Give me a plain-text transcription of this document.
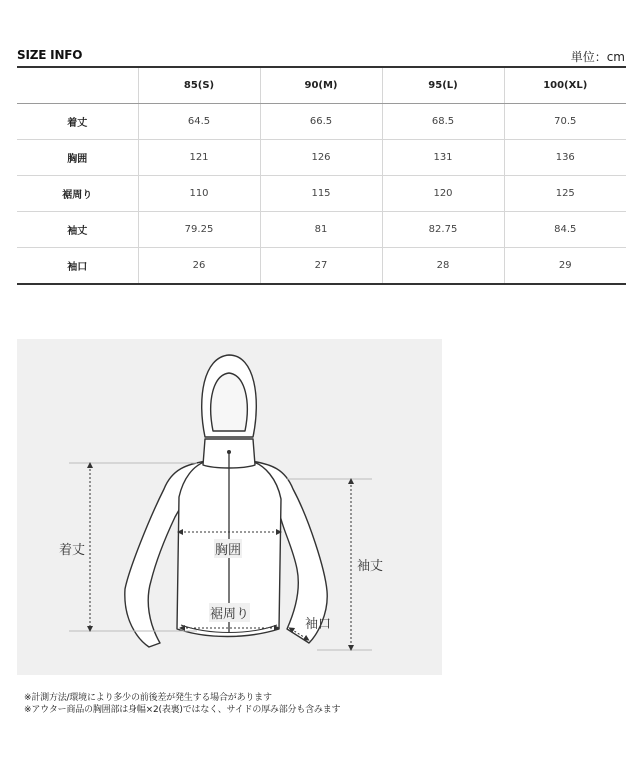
SIZE INFO	単位：cm
	85(S)	90(M)	95(L)	100(XL)
着丈	64.5	66.5	68.5	70.5
胸囲	121	126	131	136
裾周り	110	115	120	125
袖丈	79.25	81	82.75	84.5
袖口	26	27	28	29
着丈	胸囲
裾周り
袖丈
袖口
※計測方法/環境により多少の前後差が発生する場合があります
※アウター商品の胸囲部は身幅×2(表裏)ではなく、サイドの厚み部分も含みます
